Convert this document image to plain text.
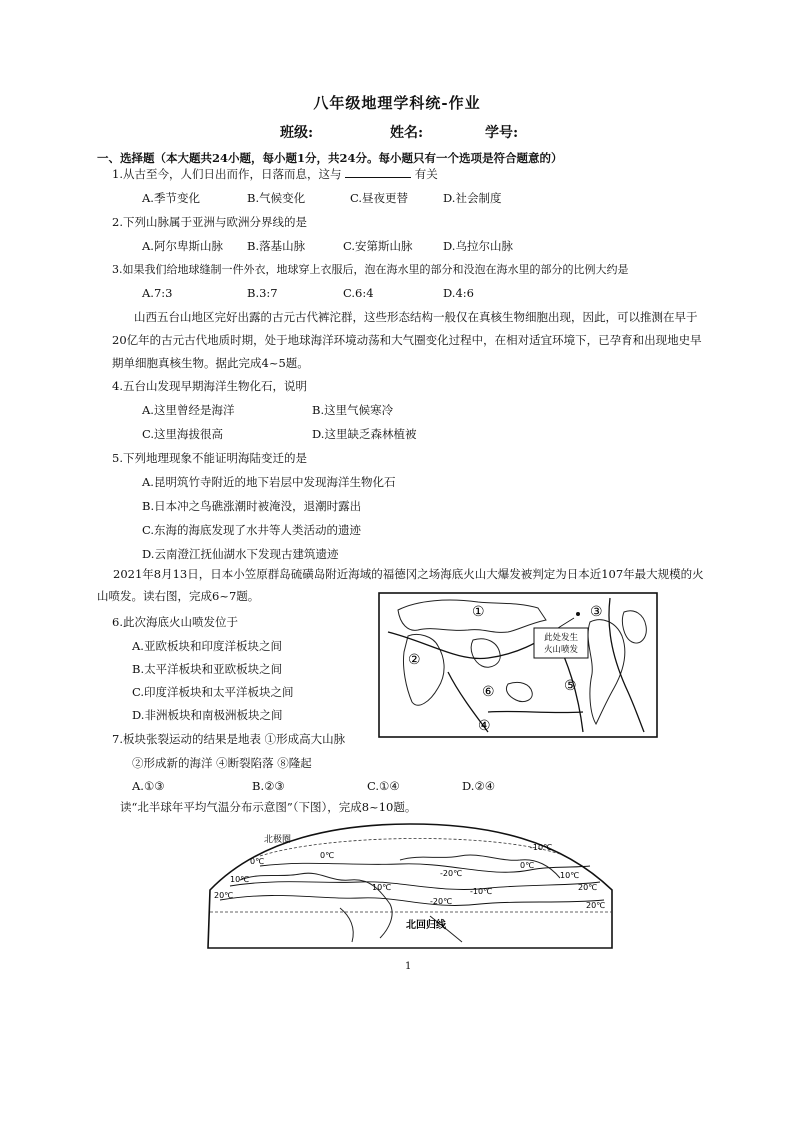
八年级地理学科统-作业
班级:	姓名:	学号:
一、选择题（本大题共24小题，每小题1分，共24分。每小题只有一个选项是符合题意的）
1.从古至今，人们日出而作，日落而息，这与	有关
A.季节变化	B.气候变化	C.昼夜更替	D.社会制度
2.下列山脉属于亚洲与欧洲分界线的是
A.阿尔卑斯山脉 B.落基山脉	C.安第斯山脉	D.乌拉尔山脉
3.如果我们给地球缝制一件外衣，地球穿上衣服后，泡在海水里的部分和没泡在海水里的部分的比例大约是
A.7:3	B.3:7	C.6:4	D.4:6
山西五台山地区完好出露的古元古代裤沱群，这些形态结构一般仅在真核生物细胞出现，因此，可以推测在早于20亿年的古元古代地质时期，处于地球海洋环境动荡和大气圈变化过程中，在相对适宜环境下，已孕育和出现地史早期单细胞真核生物。据此完成4~5题。
4.五台山发现早期海洋生物化石，说明
A.这里曾经是海洋	B.这里气候寒冷
C.这里海拔很高	D.这里缺乏森林植被
5.下列地理现象不能证明海陆变迁的是
A.昆明筑竹寺附近的地下岩层中发现海洋生物化石
B.日本冲之鸟礁涨潮时被淹没，退潮时露出
C.东海的海底发现了水井等人类活动的遗迹
D.云南澄江抚仙湖水下发现古建筑遗迹
2021年8月13日，日本小笠原群岛硫磺岛附近海域的福德冈之场海底火山大爆发被判定为日本近107年最大规模的火山喷发。读右图，完成6~7题。
6.此次海底火山喷发位于
A.亚欧板块和印度洋板块之间
B.太平洋板块和亚欧板块之间
C.印度洋板块和太平洋板块之间
D.非洲板块和南极洲板块之间
7.板块张裂运动的结果是地表 ①形成高大山脉
②形成新的海洋 ④断裂陷落 ⑧隆起
A.①③	B.②③	C.①④	D.②④
此处发生
火山喷发
①
②
③
④
⑤
⑥
读“北半球年平均气温分布示意图”（下图），完成8~10题。
北极圈
0℃
10℃
0℃
-20℃
-10℃
0℃
10℃
20℃
-10℃
-20℃
10℃
20℃
20℃
北回归线
1
